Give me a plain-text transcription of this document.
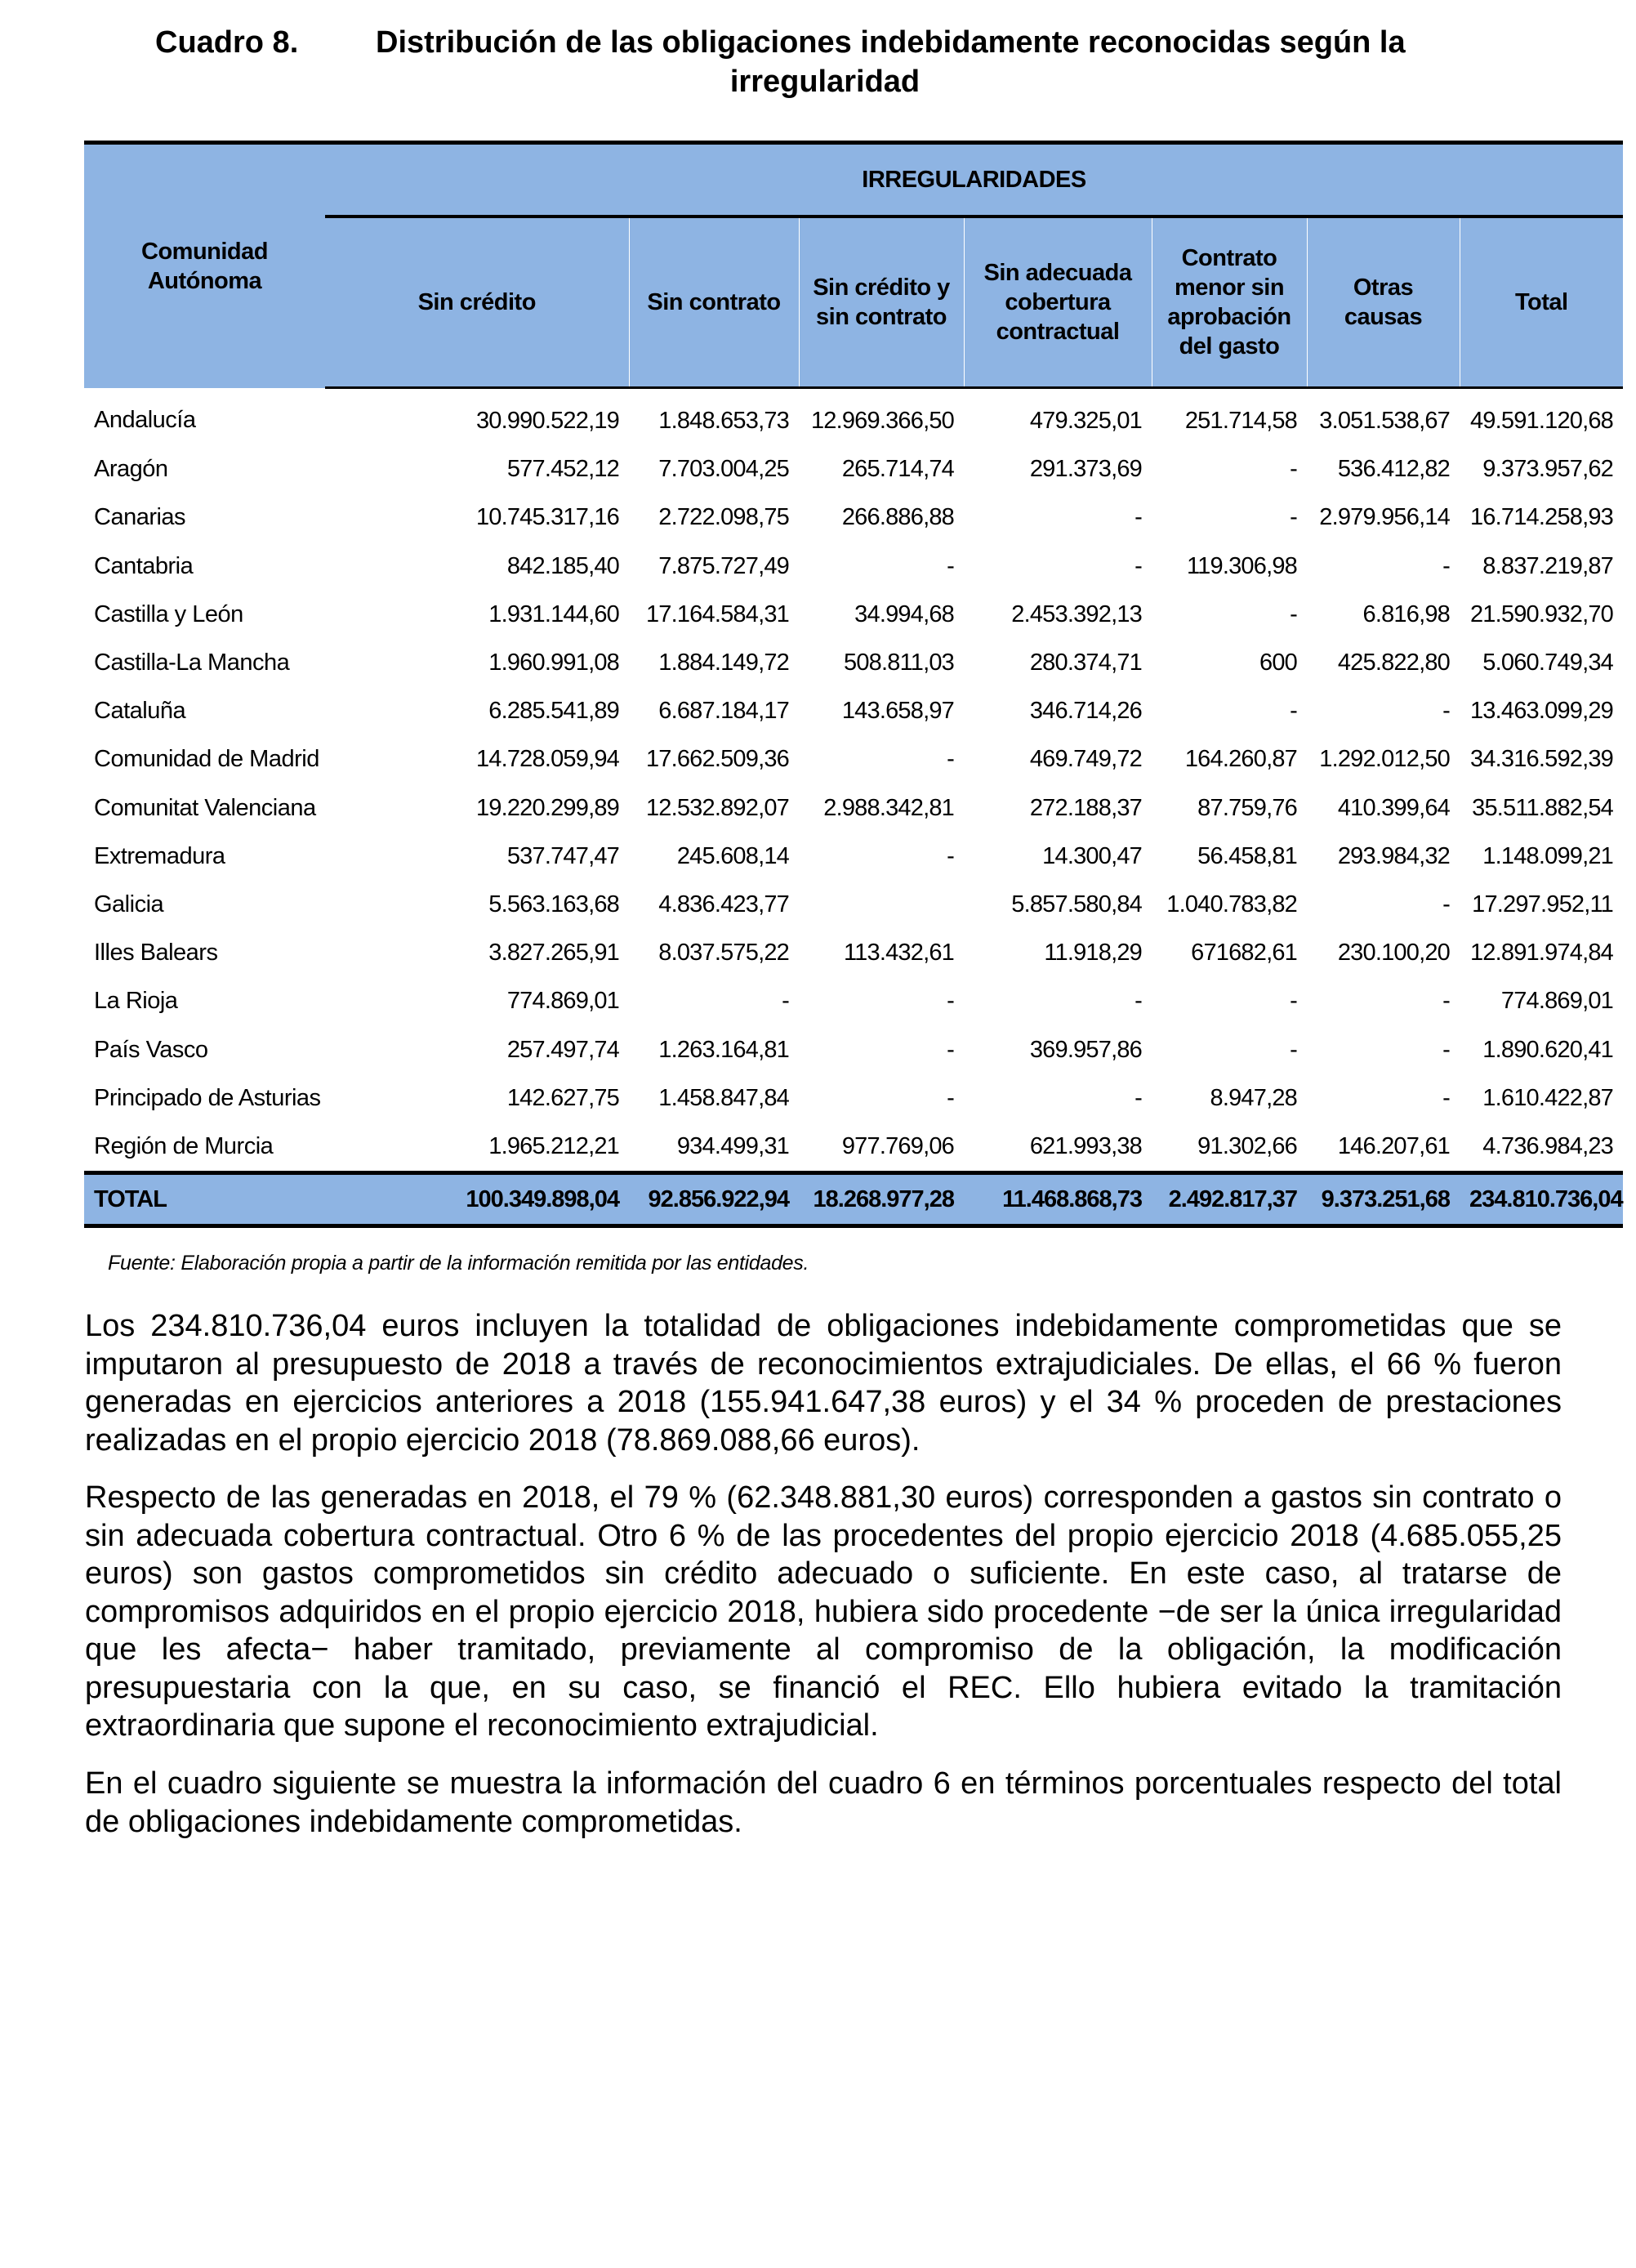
Cuadro 8.	Distribución de las obligaciones indebidamente reconocidas según la
irregularidad
Comunidad Autónoma	IRREGULARIDADES						
	Sin crédito	Sin contrato	Sin crédito y sin contrato	Sin adecuada cobertura contractual	Contrato menor sin aprobación del gasto	Otras causas	Total
Andalucía	30.990.522,19	1.848.653,73	12.969.366,50	479.325,01	251.714,58	3.051.538,67	49.591.120,68
Aragón	577.452,12	7.703.004,25	265.714,74	291.373,69	-	536.412,82	9.373.957,62
Canarias	10.745.317,16	2.722.098,75	266.886,88	-	-	2.979.956,14	16.714.258,93
Cantabria	842.185,40	7.875.727,49	-	-	119.306,98	-	8.837.219,87
Castilla y León	1.931.144,60	17.164.584,31	34.994,68	2.453.392,13	-	6.816,98	21.590.932,70
Castilla-La Mancha	1.960.991,08	1.884.149,72	508.811,03	280.374,71	600	425.822,80	5.060.749,34
Cataluña	6.285.541,89	6.687.184,17	143.658,97	346.714,26	-	-	13.463.099,29
Comunidad de Madrid	14.728.059,94	17.662.509,36	-	469.749,72	164.260,87	1.292.012,50	34.316.592,39
Comunitat Valenciana	19.220.299,89	12.532.892,07	2.988.342,81	272.188,37	87.759,76	410.399,64	35.511.882,54
Extremadura	537.747,47	245.608,14	-	14.300,47	56.458,81	293.984,32	1.148.099,21
Galicia	5.563.163,68	4.836.423,77		5.857.580,84	1.040.783,82	-	17.297.952,11
Illes Balears	3.827.265,91	8.037.575,22	113.432,61	11.918,29	671682,61	230.100,20	12.891.974,84
La Rioja	774.869,01	-	-	-	-	-	774.869,01
País Vasco	257.497,74	1.263.164,81	-	369.957,86	-	-	1.890.620,41
Principado de Asturias	142.627,75	1.458.847,84	-	-	8.947,28	-	1.610.422,87
Región de Murcia	1.965.212,21	934.499,31	977.769,06	621.993,38	91.302,66	146.207,61	4.736.984,23
TOTAL	100.349.898,04	92.856.922,94	18.268.977,28	11.468.868,73	2.492.817,37	9.373.251,68	234.810.736,04
Fuente: Elaboración propia a partir de la información remitida por las entidades.

Los 234.810.736,04 euros incluyen la totalidad de obligaciones indebidamente comprometidas que se imputaron al presupuesto de 2018 a través de reconocimientos extrajudiciales. De ellas, el 66 % fueron generadas en ejercicios anteriores a 2018 (155.941.647,38 euros) y el 34 % proceden de prestaciones realizadas en el propio ejercicio 2018 (78.869.088,66 euros).

Respecto de las generadas en 2018, el 79 % (62.348.881,30 euros) corresponden a gastos sin contrato o sin adecuada cobertura contractual. Otro 6 % de las procedentes del propio ejercicio 2018 (4.685.055,25 euros) son gastos comprometidos sin crédito adecuado o suficiente. En este caso, al tratarse de compromisos adquiridos en el propio ejercicio 2018, hubiera sido procedente −de ser la única irregularidad que les afecta− haber tramitado, previamente al compromiso de la obligación, la modificación presupuestaria con la que, en su caso, se financió el REC. Ello hubiera evitado la tramitación extraordinaria que supone el reconocimiento extrajudicial.

En el cuadro siguiente se muestra la información del cuadro 6 en términos porcentuales respecto del total de obligaciones indebidamente comprometidas.
